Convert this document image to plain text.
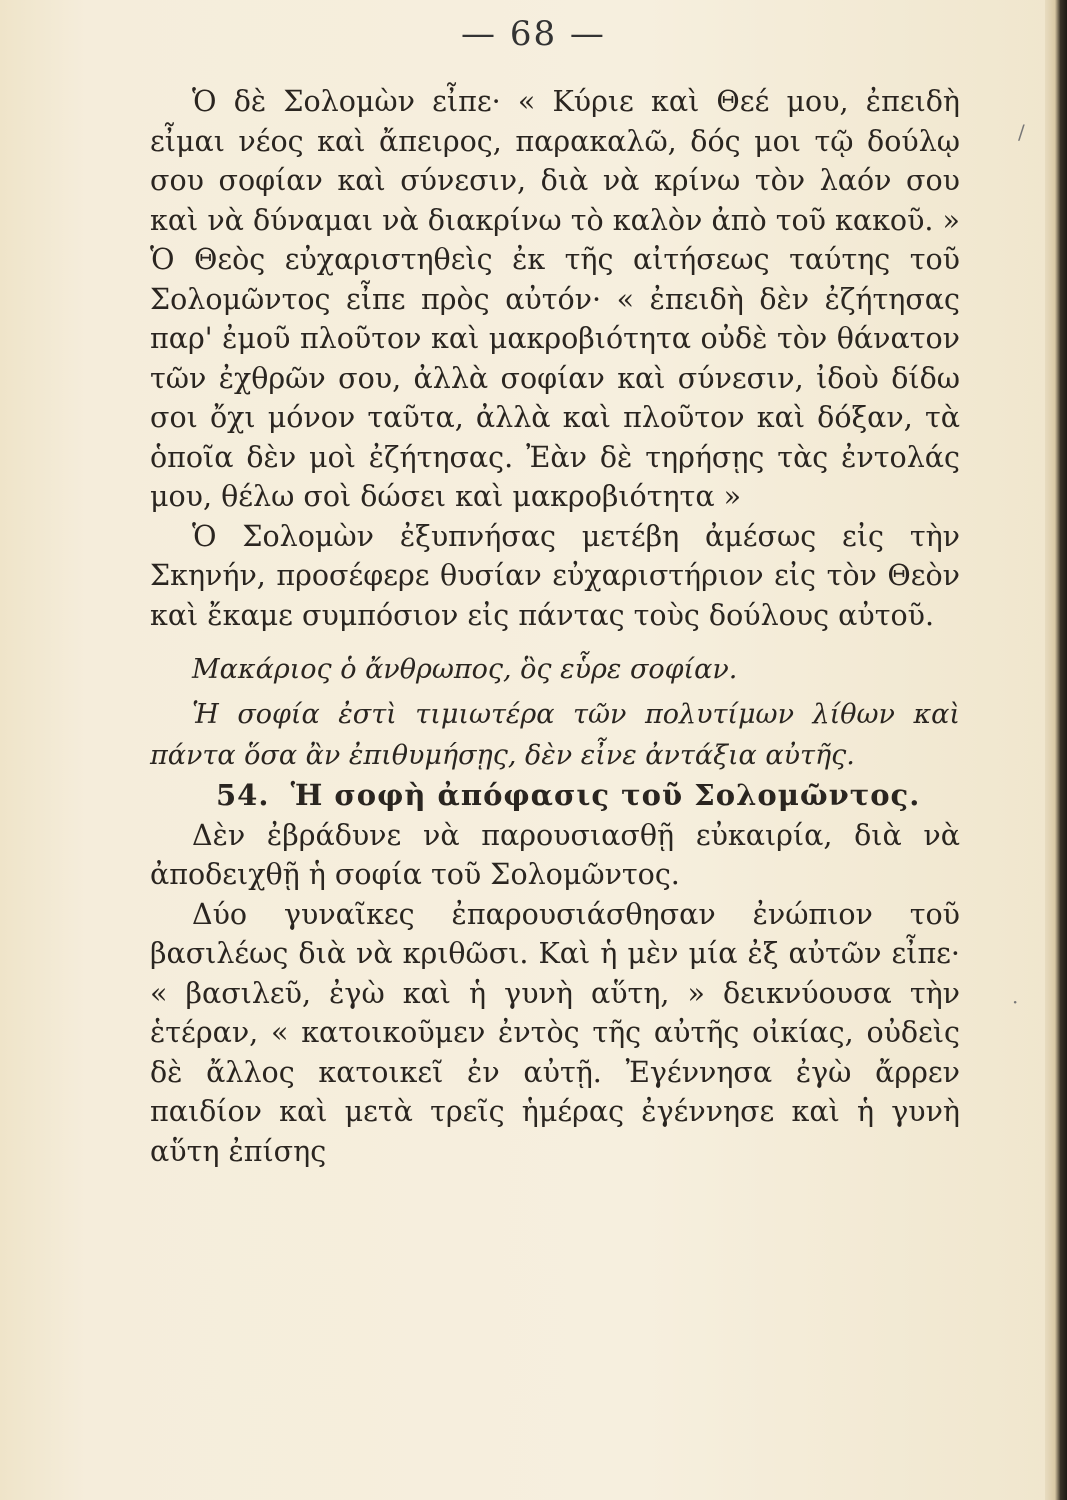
— 68 —

Ὁ δὲ Σολομὼν εἶπε· « Κύριε καὶ Θεέ μου, ἐπειδὴ εἶμαι νέος καὶ ἄπειρος, παρακαλῶ, δός μοι τῷ δούλῳ σου σοφίαν καὶ σύνεσιν, διὰ νὰ κρίνω τὸν λαόν σου καὶ νὰ δύναμαι νὰ διακρίνω τὸ καλὸν ἀπὸ τοῦ κακοῦ. » Ὁ Θεὸς εὐχαριστηθεὶς ἐκ τῆς αἰτήσεως ταύτης τοῦ Σολομῶντος εἶπε πρὸς αὐτόν· « ἐπειδὴ δὲν ἐζήτησας παρ' ἐμοῦ πλοῦτον καὶ μακροβιότητα οὐδὲ τὸν θάνατον τῶν ἐχθρῶν σου, ἀλλὰ σοφίαν καὶ σύνεσιν, ἰδοὺ δίδω σοι ὄχι μόνον ταῦτα, ἀλλὰ καὶ πλοῦτον καὶ δόξαν, τὰ ὁποῖα δὲν μοὶ ἐζήτησας. Ἐὰν δὲ τηρήσῃς τὰς ἐντολάς μου, θέλω σοὶ δώσει καὶ μακροβιότητα »

Ὁ Σολομὼν ἐξυπνήσας μετέβη ἀμέσως εἰς τὴν Σκηνήν, προσέφερε θυσίαν εὐχαριστήριον εἰς τὸν Θεὸν καὶ ἔκαμε συμπόσιον εἰς πάντας τοὺς δούλους αὐτοῦ.

Μακάριος ὁ ἄνθρωπος, ὃς εὗρε σοφίαν.

Ἡ σοφία ἐστὶ τιμιωτέρα τῶν πολυτίμων λίθων καὶ πάντα ὅσα ἂν ἐπιθυμήσῃς, δὲν εἶνε ἀντάξια αὐτῆς.

54. Ἡ σοφὴ ἀπόφασις τοῦ Σολομῶντος.

Δὲν ἐβράδυνε νὰ παρουσιασθῇ εὐκαιρία, διὰ νὰ ἀποδειχθῇ ἡ σοφία τοῦ Σολομῶντος.

Δύο γυναῖκες ἐπαρουσιάσθησαν ἐνώπιον τοῦ βασιλέως διὰ νὰ κριθῶσι. Καὶ ἡ μὲν μία ἐξ αὐτῶν εἶπε· « βασιλεῦ, ἐγὼ καὶ ἡ γυνὴ αὕτη, » δεικνύουσα τὴν ἑτέραν, « κατοικοῦμεν ἐντὸς τῆς αὐτῆς οἰκίας, οὐδεὶς δὲ ἄλλος κατοικεῖ ἐν αὐτῇ. Ἐγέννησα ἐγὼ ἄρρεν παιδίον καὶ μετὰ τρεῖς ἡμέρας ἐγέννησε καὶ ἡ γυνὴ αὕτη ἐπίσης

/
·
